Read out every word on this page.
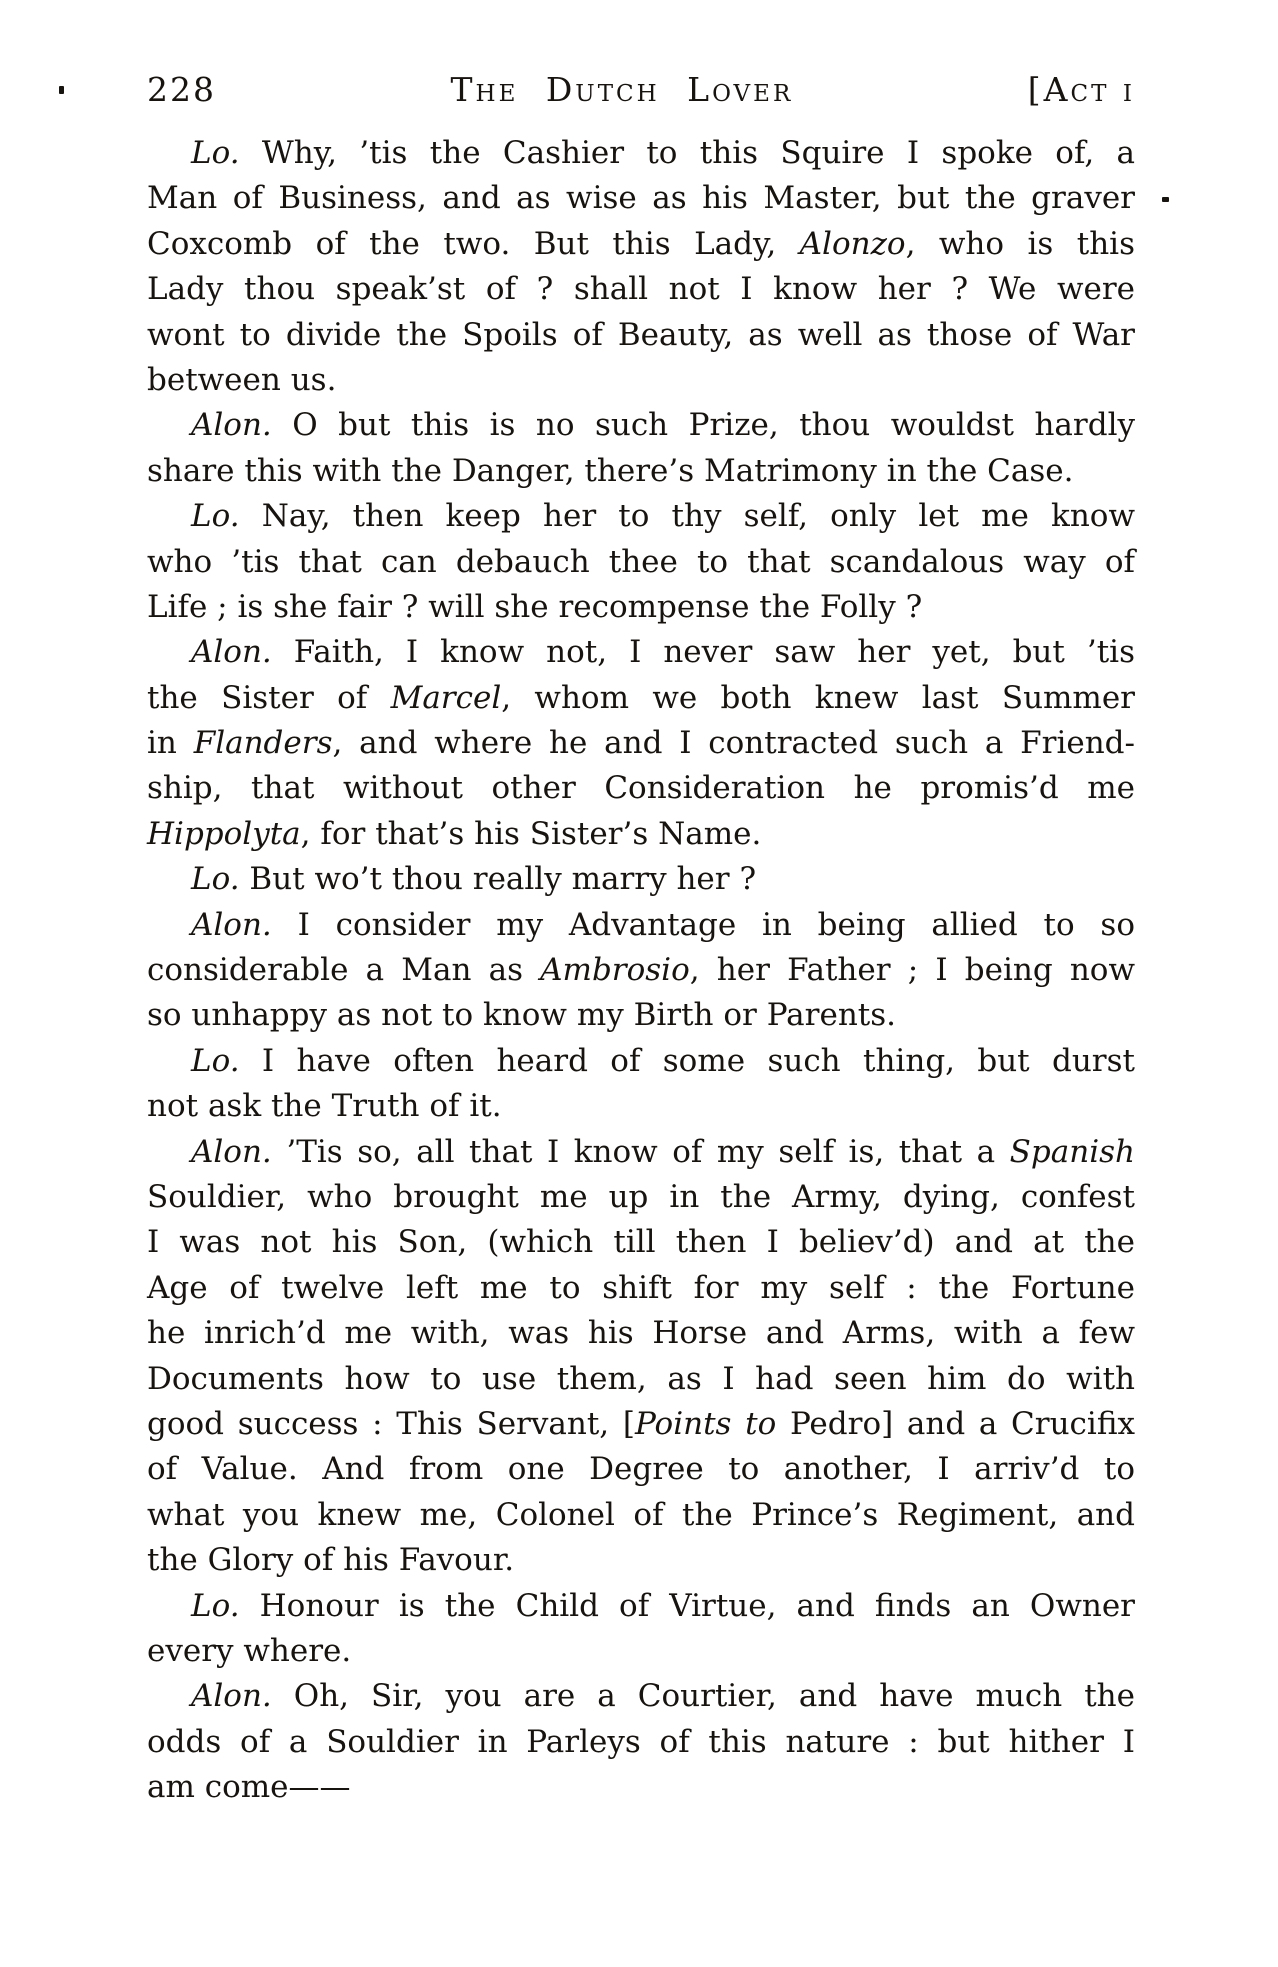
228	The Dutch Lover	[Act i
Lo. Why, ’tis the Cashier to this Squire I spoke of, a
Man of Business, and as wise as his Master, but the graver
Coxcomb of the two. But this Lady, Alonzo, who is this
Lady thou speak’st of ? shall not I know her ? We were
wont to divide the Spoils of Beauty, as well as those of War
between us.
Alon. O but this is no such Prize, thou wouldst hardly
share this with the Danger, there’s Matrimony in the Case.
Lo. Nay, then keep her to thy self, only let me know
who ’tis that can debauch thee to that scandalous way of
Life ; is she fair ? will she recompense the Folly ?
Alon. Faith, I know not, I never saw her yet, but ’tis
the Sister of Marcel, whom we both knew last Summer
in Flanders, and where he and I contracted such a Friend-
ship, that without other Consideration he promis’d me
Hippolyta, for that’s his Sister’s Name.
Lo. But wo’t thou really marry her ?
Alon. I consider my Advantage in being allied to so
considerable a Man as Ambrosio, her Father ; I being now
so unhappy as not to know my Birth or Parents.
Lo. I have often heard of some such thing, but durst
not ask the Truth of it.
Alon. ’Tis so, all that I know of my self is, that a Spanish
Souldier, who brought me up in the Army, dying, confest
I was not his Son, (which till then I believ’d) and at the
Age of twelve left me to shift for my self : the Fortune
he inrich’d me with, was his Horse and Arms, with a few
Documents how to use them, as I had seen him do with
good success : This Servant, [Points to Pedro] and a Crucifix
of Value. And from one Degree to another, I arriv’d to
what you knew me, Colonel of the Prince’s Regiment, and
the Glory of his Favour.
Lo. Honour is the Child of Virtue, and finds an Owner
every where.
Alon. Oh, Sir, you are a Courtier, and have much the
odds of a Souldier in Parleys of this nature : but hither I
am come——
